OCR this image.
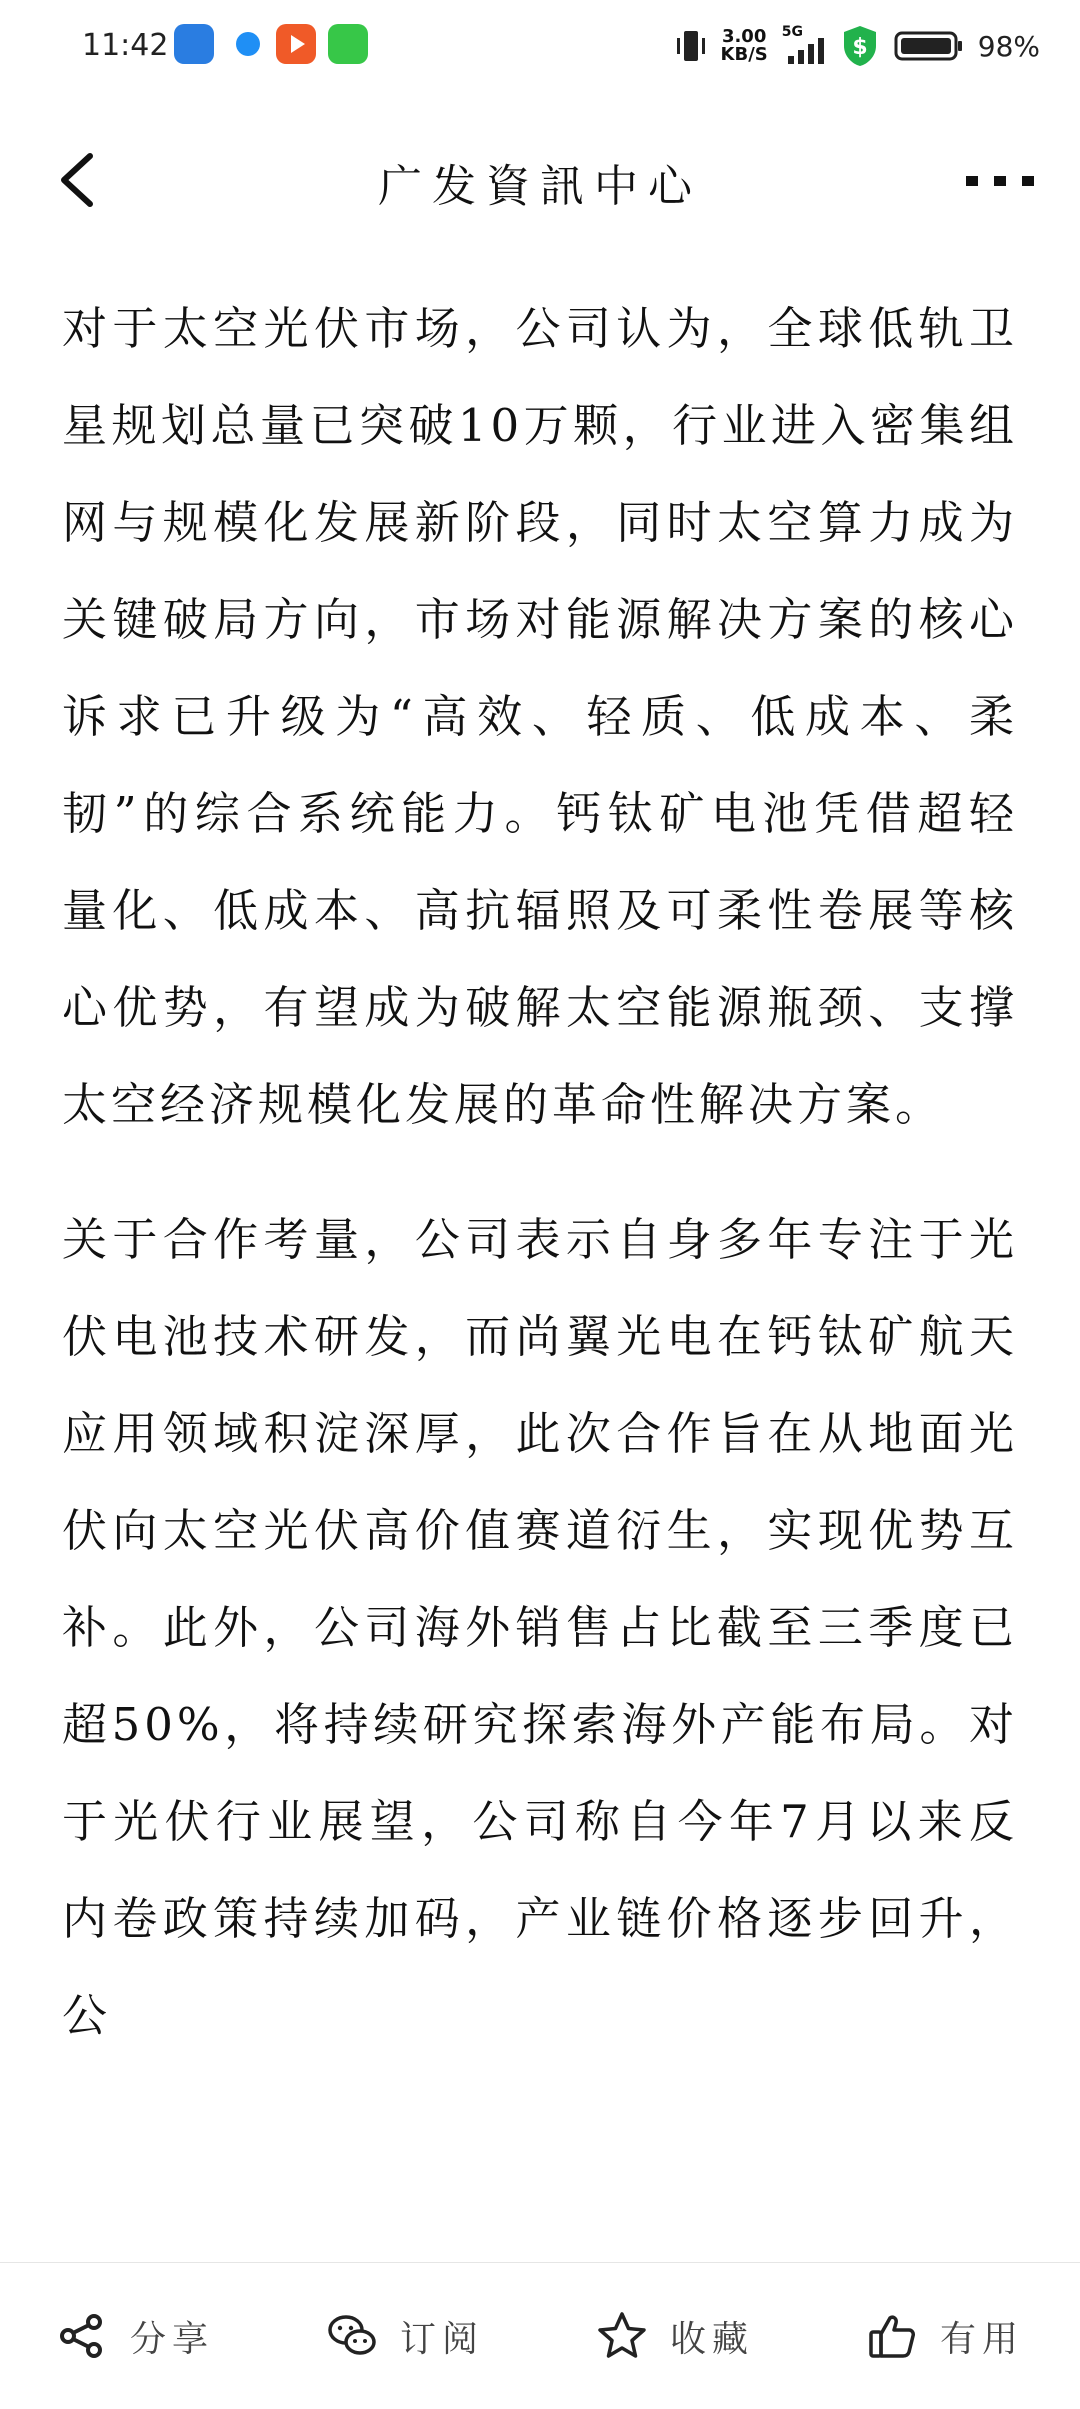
11:42	3.00
KB/S
5G
$	98%
广发資訊中心

对于太空光伏市场，公司认为，全球低轨卫星规划总量已突破10万颗，行业进入密集组网与规模化发展新阶段，同时太空算力成为关键破局方向，市场对能源解决方案的核心诉求已升级为“高效、轻质、低成本、柔韧”的综合系统能力。钙钛矿电池凭借超轻量化、低成本、高抗辐照及可柔性卷展等核心优势，有望成为破解太空能源瓶颈、支撑太空经济规模化发展的革命性解决方案。

关于合作考量，公司表示自身多年专注于光伏电池技术研发，而尚翼光电在钙钛矿航天应用领域积淀深厚，此次合作旨在从地面光伏向太空光伏高价值赛道衍生，实现优势互补。此外，公司海外销售占比截至三季度已超50%，将持续研究探索海外产能布局。对于光伏行业展望，公司称自今年7月以来反内卷政策持续加码，产业链价格逐步回升，公

分享	订阅	收藏	有用
